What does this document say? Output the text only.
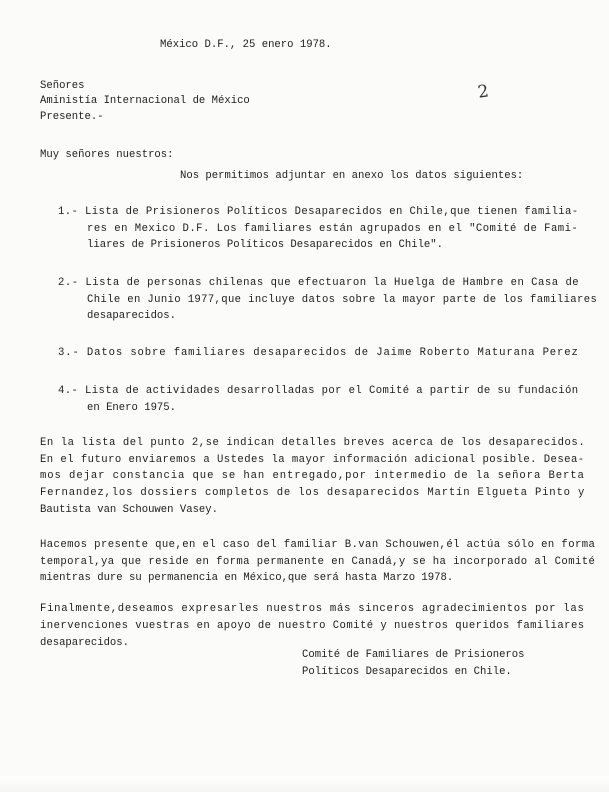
2
México D.F., 25 enero 1978.
Señores
Aministía Internacional de México
Presente.-
Muy señores nuestros:
Nos permitimos adjuntar en anexo los datos siguientes:
1.- Lista de Prisioneros Políticos Desaparecidos en Chile,que tienen familia-
res en Mexico D.F. Los familiares están agrupados en el "Comité de Fami-
liares de Prisioneros Políticos Desaparecidos en Chile".
2.- Lista de personas chilenas que efectuaron la Huelga de Hambre en Casa de
Chile en Junio 1977,que incluye datos sobre la mayor parte de los familiares
desaparecidos.
3.- Datos sobre familiares desaparecidos de Jaime Roberto Maturana Perez
4.- Lista de actividades desarrolladas por el Comité a partir de su fundación
en Enero 1975.
En la lista del punto 2,se indican detalles breves acerca de los desaparecidos.
En el futuro enviaremos a Ustedes la mayor información adicional posible. Desea-
mos dejar constancia que se han entregado,por intermedio de la señora Berta
Fernandez,los dossiers completos de los desaparecidos Martín Elgueta Pinto y
Bautista van Schouwen Vasey.
Hacemos presente que,en el caso del familiar B.van Schouwen,él actúa sólo en forma
temporal,ya que reside en forma permanente en Canadá,y se ha incorporado al Comité
mientras dure su permanencia en México,que será hasta Marzo 1978.
Finalmente,deseamos expresarles nuestros más sinceros agradecimientos por las
inervenciones vuestras en apoyo de nuestro Comité y nuestros queridos familiares
desaparecidos.
Comité de Familiares de Prisioneros
Políticos Desaparecidos en Chile.
